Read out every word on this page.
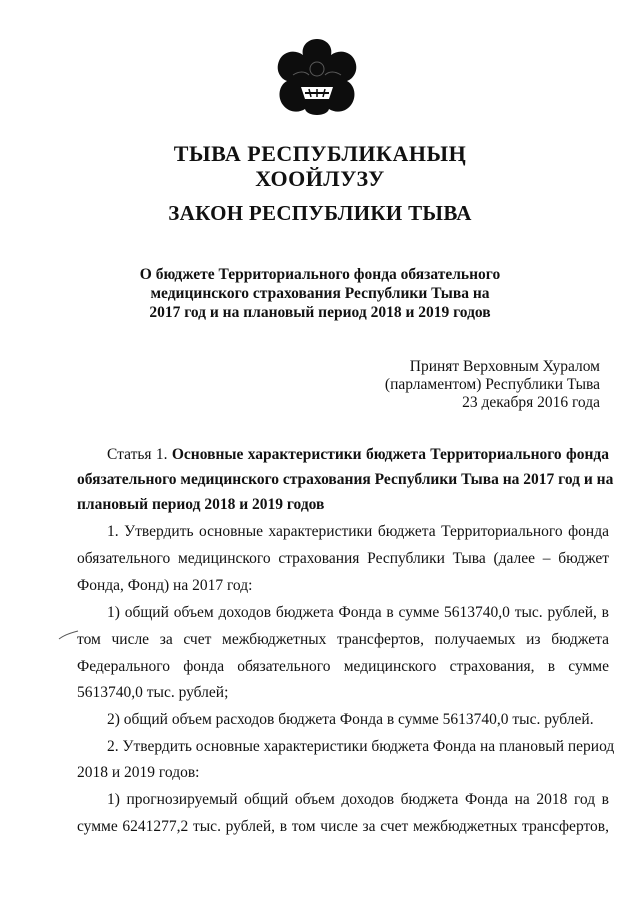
ТЫВА РЕСПУБЛИКАНЫҢ
ХООЙЛУЗУ
ЗАКОН РЕСПУБЛИКИ ТЫВА
О бюджете Территориального фонда обязательного
медицинского страхования Республики Тыва на
2017 год и на плановый период 2018 и 2019 годов
Принят Верховным Хуралом
(парламентом) Республики Тыва
23 декабря 2016 года
Статья 1. Основные характеристики бюджета Территориального фонда
обязательного медицинского страхования Республики Тыва на 2017 год и на
плановый период 2018 и 2019 годов
1. Утвердить основные характеристики бюджета Территориального фонда
обязательного медицинского страхования Республики Тыва (далее – бюджет
Фонда, Фонд) на 2017 год:
1) общий объем доходов бюджета Фонда в сумме 5613740,0 тыс. рублей, в
том числе за счет межбюджетных трансфертов, получаемых из бюджета
Федерального фонда обязательного медицинского страхования, в сумме
5613740,0 тыс. рублей;
2) общий объем расходов бюджета Фонда в сумме 5613740,0 тыс. рублей.
2. Утвердить основные характеристики бюджета Фонда на плановый период
2018 и 2019 годов:
1) прогнозируемый общий объем доходов бюджета Фонда на 2018 год в
сумме 6241277,2 тыс. рублей, в том числе за счет межбюджетных трансфертов,
